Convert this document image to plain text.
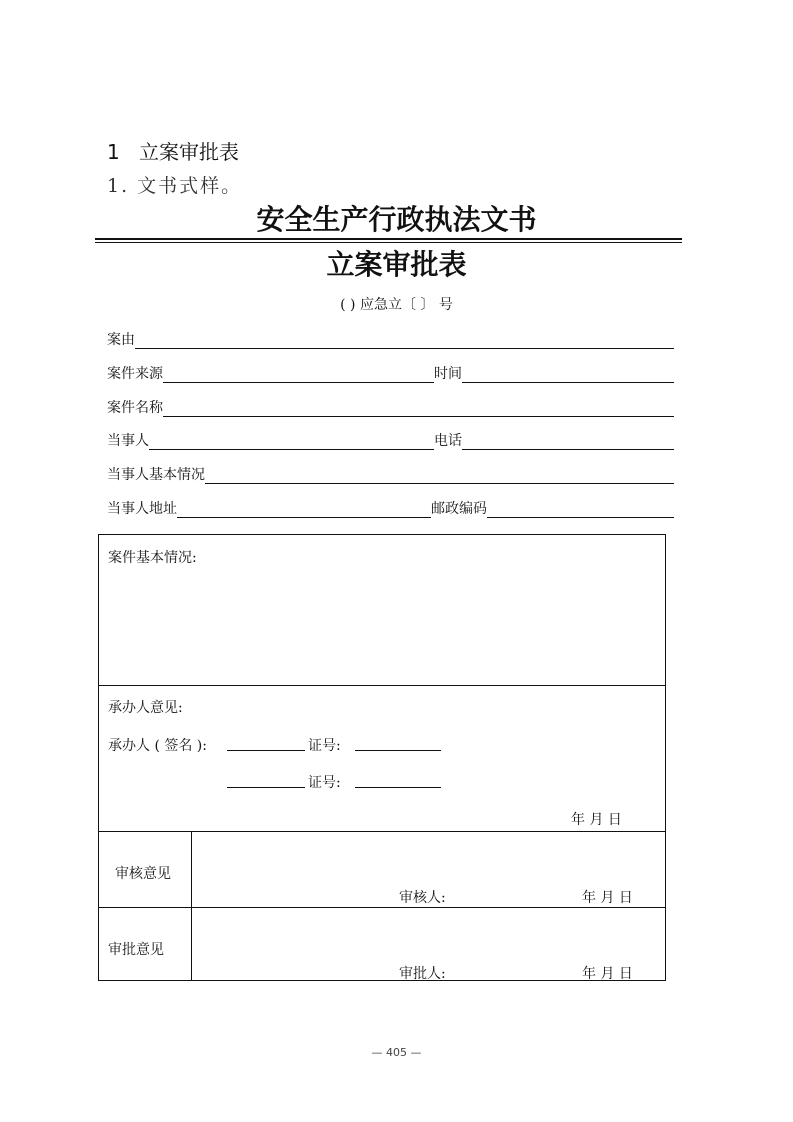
1 立案审批表
1. 文书式样。
安全生产行政执法文书
立案审批表
( ) 应急立〔 〕 号
案由
案件来源	时间
案件名称
当事人	电话
当事人基本情况
当事人地址	邮政编码
案件基本情况:
承办人意见:
承办人 ( 签名 ):	证号:
证号:
年 月 日
审核意见
审核人:	年 月 日
审批意见
审批人:	年 月 日
— 405 —
